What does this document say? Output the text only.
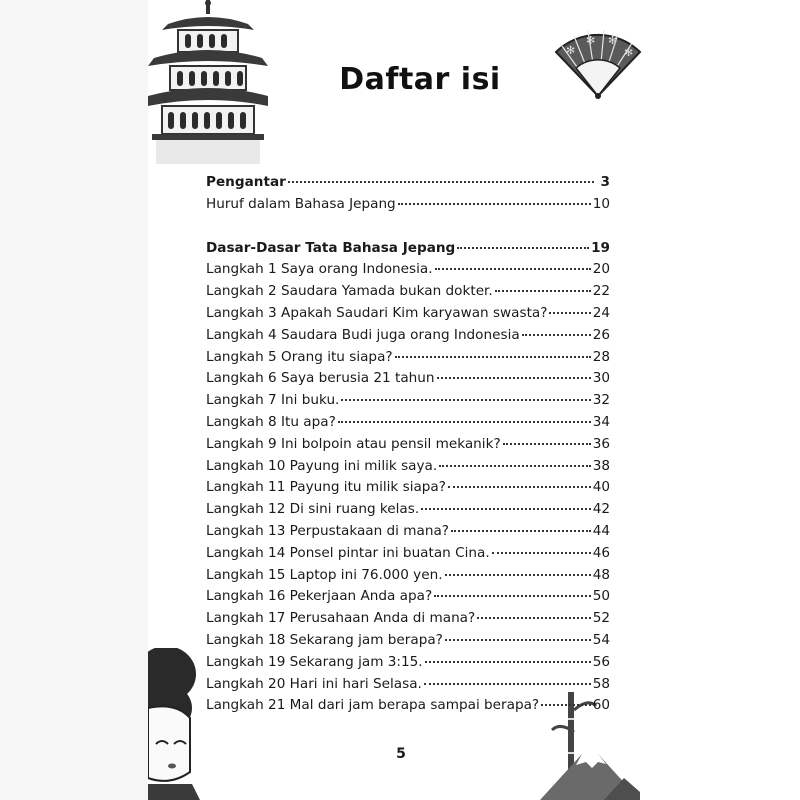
✻
✻ ✻
✻
Daftar isi
Pengantar	3
Huruf dalam Bahasa Jepang	10
Dasar-Dasar Tata Bahasa Jepang	19
Langkah 1 Saya orang Indonesia.	20
Langkah 2 Saudara Yamada bukan dokter.	22
Langkah 3 Apakah Saudari Kim karyawan swasta?	24
Langkah 4 Saudara Budi juga orang Indonesia	26
Langkah 5 Orang itu siapa?	28
Langkah 6 Saya berusia 21 tahun	30
Langkah 7 Ini buku.	32
Langkah 8 Itu apa?	34
Langkah 9 Ini bolpoin atau pensil mekanik?	36
Langkah 10 Payung ini milik saya.	38
Langkah 11 Payung itu milik siapa?	40
Langkah 12 Di sini ruang kelas.	42
Langkah 13 Perpustakaan di mana?	44
Langkah 14 Ponsel pintar ini buatan Cina.	46
Langkah 15 Laptop ini 76.000 yen.	48
Langkah 16 Pekerjaan Anda apa?	50
Langkah 17 Perusahaan Anda di mana?	52
Langkah 18 Sekarang jam berapa?	54
Langkah 19 Sekarang jam 3:15.	56
Langkah 20 Hari ini hari Selasa.	58
Langkah 21 Mal dari jam berapa sampai berapa?	60
5
